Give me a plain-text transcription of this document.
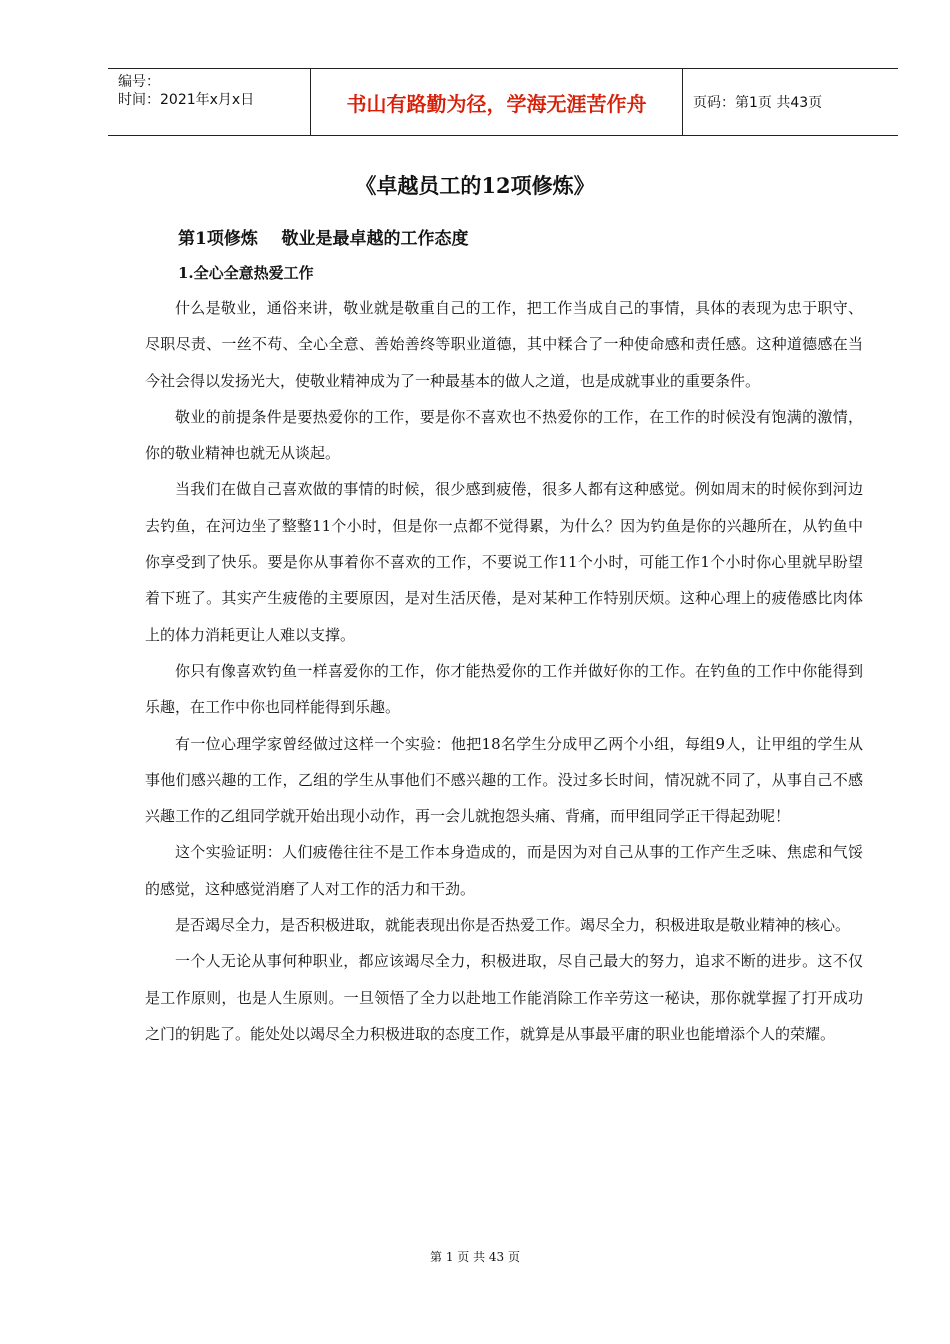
编号：
时间：2021年x月x日	书山有路勤为径，学海无涯苦作舟	页码：第1页 共43页
《卓越员工的12项修炼》
第1项修炼    敬业是最卓越的工作态度
1.全心全意热爱工作

什么是敬业，通俗来讲，敬业就是敬重自己的工作，把工作当成自己的事情，具体的表现为忠于职守、尽职尽责、一丝不苟、全心全意、善始善终等职业道德，其中糅合了一种使命感和责任感。这种道德感在当今社会得以发扬光大，使敬业精神成为了一种最基本的做人之道，也是成就事业的重要条件。

敬业的前提条件是要热爱你的工作，要是你不喜欢也不热爱你的工作，在工作的时候没有饱满的激情，你的敬业精神也就无从谈起。

当我们在做自己喜欢做的事情的时候，很少感到疲倦，很多人都有这种感觉。例如周末的时候你到河边去钓鱼，在河边坐了整整11个小时，但是你一点都不觉得累，为什么？因为钓鱼是你的兴趣所在，从钓鱼中你享受到了快乐。要是你从事着你不喜欢的工作，不要说工作11个小时，可能工作1个小时你心里就早盼望着下班了。其实产生疲倦的主要原因，是对生活厌倦，是对某种工作特别厌烦。这种心理上的疲倦感比肉体上的体力消耗更让人难以支撑。

你只有像喜欢钓鱼一样喜爱你的工作，你才能热爱你的工作并做好你的工作。在钓鱼的工作中你能得到乐趣，在工作中你也同样能得到乐趣。

有一位心理学家曾经做过这样一个实验：他把18名学生分成甲乙两个小组，每组9人，让甲组的学生从事他们感兴趣的工作，乙组的学生从事他们不感兴趣的工作。没过多长时间，情况就不同了，从事自己不感兴趣工作的乙组同学就开始出现小动作，再一会儿就抱怨头痛、背痛，而甲组同学正干得起劲呢！

这个实验证明：人们疲倦往往不是工作本身造成的，而是因为对自己从事的工作产生乏味、焦虑和气馁的感觉，这种感觉消磨了人对工作的活力和干劲。

是否竭尽全力，是否积极进取，就能表现出你是否热爱工作。竭尽全力，积极进取是敬业精神的核心。

一个人无论从事何种职业，都应该竭尽全力，积极进取，尽自己最大的努力，追求不断的进步。这不仅是工作原则，也是人生原则。一旦领悟了全力以赴地工作能消除工作辛劳这一秘诀，那你就掌握了打开成功之门的钥匙了。能处处以竭尽全力积极进取的态度工作，就算是从事最平庸的职业也能增添个人的荣耀。

第 1 页 共 43 页
